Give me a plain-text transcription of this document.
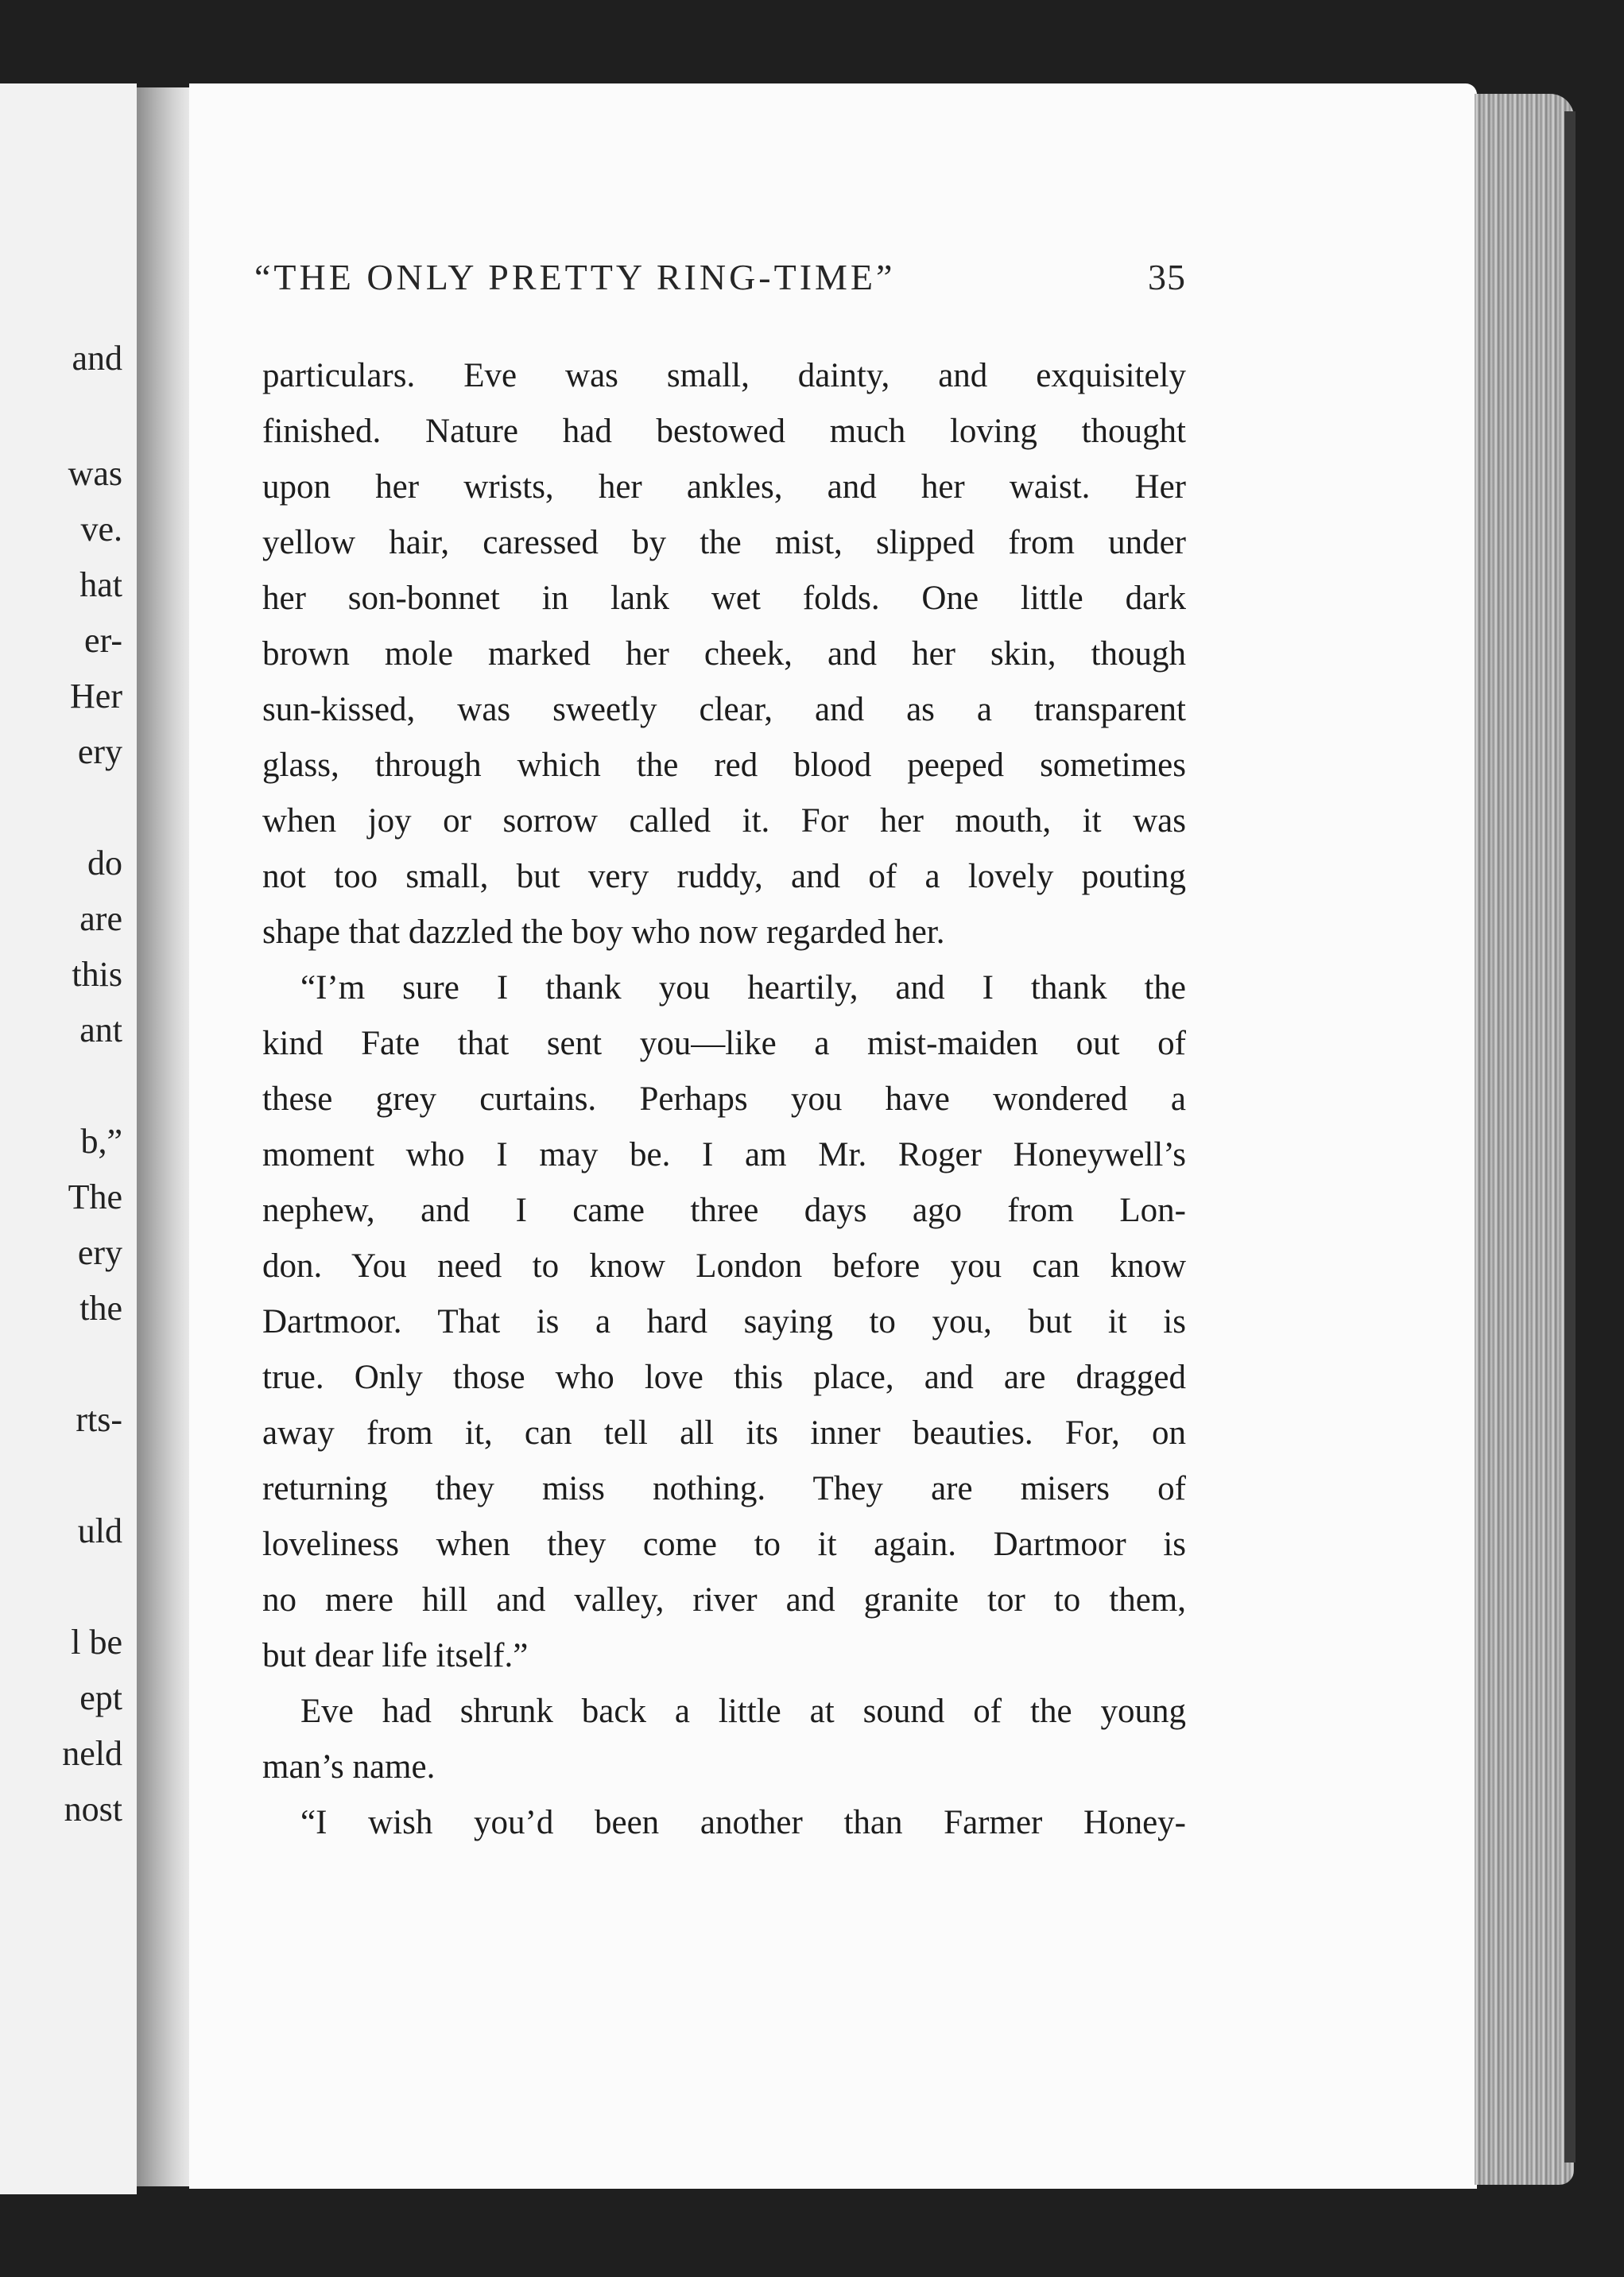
and
was
ve.
hat
er-
Her
ery
do
are
this
ant
b,”
The
ery
the
rts-
uld
l be
ept
neld
nost
“THE ONLY PRETTY RING-TIME”	35
particulars. Eve was small, dainty, and exquisitely
finished. Nature had bestowed much loving thought
upon her wrists, her ankles, and her waist. Her
yellow hair, caressed by the mist, slipped from under
her son-bonnet in lank wet folds. One little dark
brown mole marked her cheek, and her skin, though
sun-kissed, was sweetly clear, and as a transparent
glass, through which the red blood peeped sometimes
when joy or sorrow called it. For her mouth, it was
not too small, but very ruddy, and of a lovely pouting
shape that dazzled the boy who now regarded her.
“I’m sure I thank you heartily, and I thank the
kind Fate that sent you—like a mist-maiden out of
these grey curtains. Perhaps you have wondered a
moment who I may be. I am Mr. Roger Honeywell’s
nephew, and I came three days ago from Lon-
don. You need to know London before you can know
Dartmoor. That is a hard saying to you, but it is
true. Only those who love this place, and are dragged
away from it, can tell all its inner beauties. For, on
returning they miss nothing. They are misers of
loveliness when they come to it again. Dartmoor is
no mere hill and valley, river and granite tor to them,
but dear life itself.”
Eve had shrunk back a little at sound of the young
man’s name.
“I wish you’d been another than Farmer Honey-
